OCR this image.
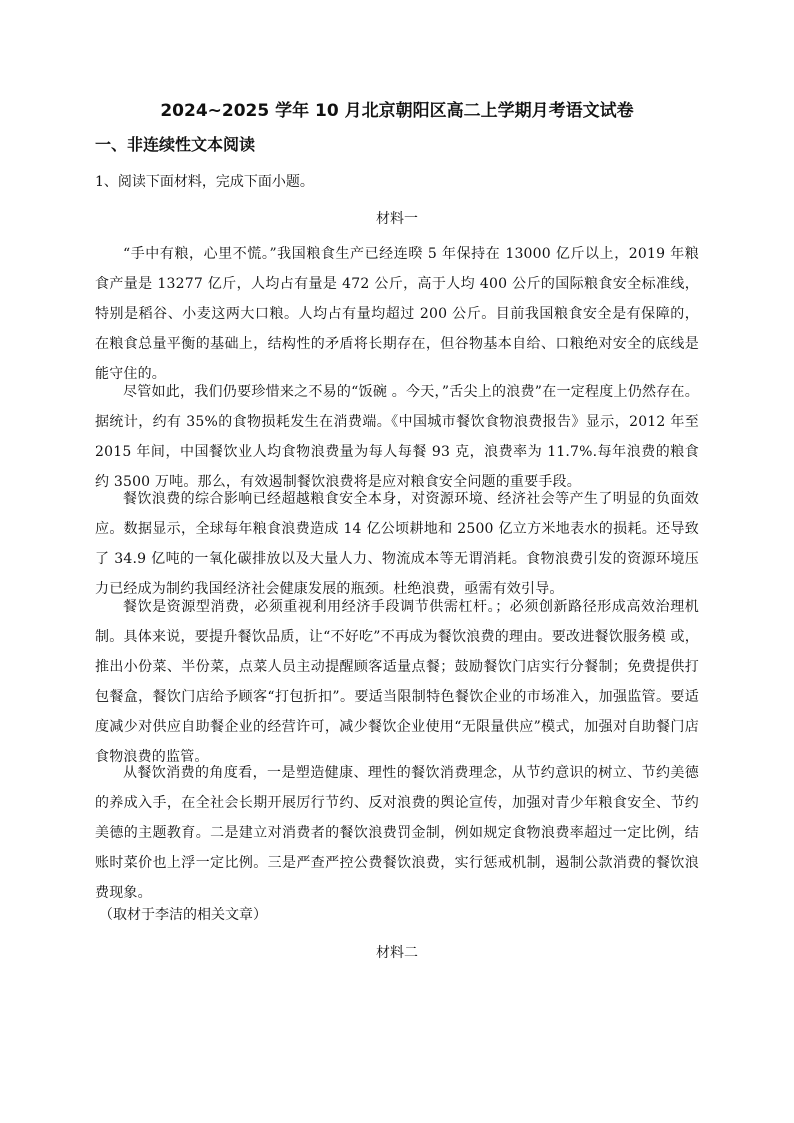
2024~2025 学年 10 月北京朝阳区高二上学期月考语文试卷
一、非连续性文本阅读

1、阅读下面材料，完成下面小题。

材料一

“手中有粮，心里不慌。”我国粮食生产已经连暌 5 年保持在 13000 亿斤以上，2019 年粮食产量是 13277 亿斤，人均占有量是 472 公斤，高于人均 400 公斤的国际粮食安全标准线，特别是稻谷、小麦这两大口粮。人均占有量均超过 200 公斤。目前我国粮食安全是有保障的，在粮食总量平衡的基础上，结构性的矛盾将长期存在，但谷物基本自给、口粮绝对安全的底线是能守住的。

尽管如此，我们仍要珍惜来之不易的“饭碗 。今天，”舌尖上的浪费”在一定程度上仍然存在。据统计，约有 35%的食物损耗发生在消费端。《中国城市餐饮食物浪费报告》显示，2012 年至 2015 年间，中国餐饮业人均食物浪费量为每人每餐 93 克，浪费率为 11.7%.每年浪费的粮食约 3500 万吨。那么，有效遏制餐饮浪费将是应对粮食安全问题的重要手段。

餐饮浪费的综合影响已经超越粮食安全本身，对资源环境、经济社会等产生了明显的负面效应。数据显示，全球每年粮食浪费造成 14 亿公顷耕地和 2500 亿立方米地表水的损耗。还导致了 34.9 亿吨的一氧化碳排放以及大量人力、物流成本等无谓消耗。食物浪费引发的资源环境压力已经成为制约我国经济社会健康发展的瓶颈。杜绝浪费，亟需有效引导。

餐饮是资源型消费，必须重视利用经济手段调节供需杠杆。；必须创新路径形成高效治理机制。具体来说，要提升餐饮品质，让“不好吃”不再成为餐饮浪费的理由。要改进餐饮服务模 或，推出小份菜、半份菜，点菜人员主动提醒顾客适量点餐；鼓励餐饮门店实行分餐制；免费提供打包餐盒，餐饮门店给予顾客“打包折扣”。要适当限制特色餐饮企业的市场准入，加强监管。要适度减少对供应自助餐企业的经营许可，减少餐饮企业使用“无限量供应”模式，加强对自助餐门店食物浪费的监管。

从餐饮消费的角度看，一是塑造健康、理性的餐饮消费理念，从节约意识的树立、节约美德的养成入手，在全社会长期开展厉行节约、反对浪费的舆论宣传，加强对青少年粮食安全、节约美德的主题教育。二是建立对消费者的餐饮浪费罚金制，例如规定食物浪费率超过一定比例，结账时菜价也上浮一定比例。三是严查严控公费餐饮浪费，实行惩戒机制，遏制公款消费的餐饮浪费现象。

（取材于李洁的相关文章）

材料二
